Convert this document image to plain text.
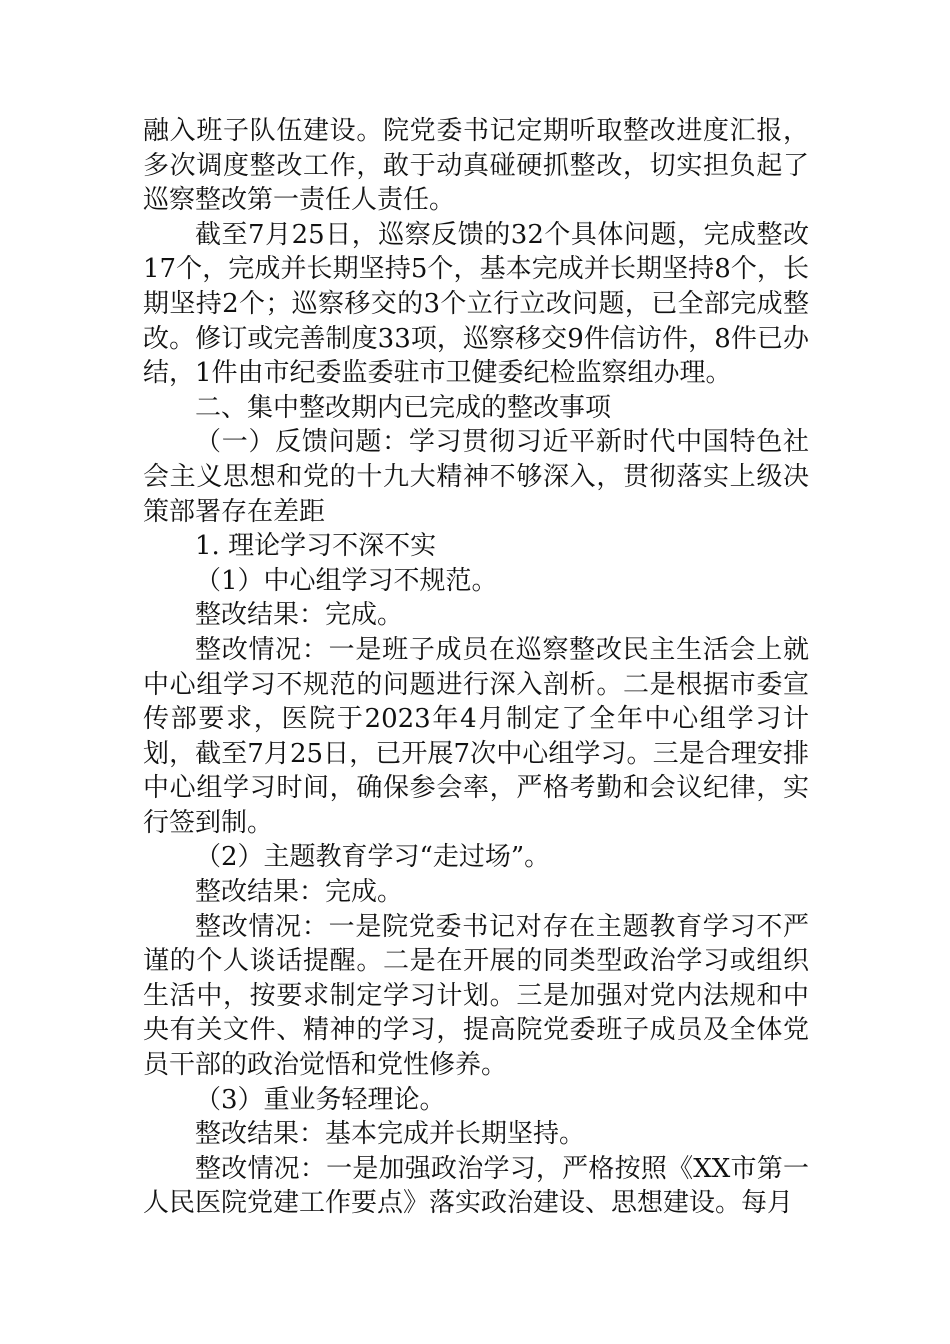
融入班子队伍建设。院党委书记定期听取整改进度汇报，多次调度整改工作，敢于动真碰硬抓整改，切实担负起了巡察整改第一责任人责任。

截至7月25日，巡察反馈的32个具体问题，完成整改17个，完成并长期坚持5个，基本完成并长期坚持8个，长期坚持2个；巡察移交的3个立行立改问题，已全部完成整改。修订或完善制度33项，巡察移交9件信访件，8件已办结，1件由市纪委监委驻市卫健委纪检监察组办理。

二、集中整改期内已完成的整改事项

（一）反馈问题：学习贯彻习近平新时代中国特色社会主义思想和党的十九大精神不够深入，贯彻落实上级决策部署存在差距

1. 理论学习不深不实

（1）中心组学习不规范。

整改结果：完成。

整改情况：一是班子成员在巡察整改民主生活会上就中心组学习不规范的问题进行深入剖析。二是根据市委宣传部要求，医院于2023年4月制定了全年中心组学习计划，截至7月25日，已开展7次中心组学习。三是合理安排中心组学习时间，确保参会率，严格考勤和会议纪律，实行签到制。

（2）主题教育学习“走过场”。

整改结果：完成。

整改情况：一是院党委书记对存在主题教育学习不严谨的个人谈话提醒。二是在开展的同类型政治学习或组织生活中，按要求制定学习计划。三是加强对党内法规和中央有关文件、精神的学习，提高院党委班子成员及全体党员干部的政治觉悟和党性修养。

（3）重业务轻理论。

整改结果：基本完成并长期坚持。

整改情况：一是加强政治学习，严格按照《XX市第一人民医院党建工作要点》落实政治建设、思想建设。每月
